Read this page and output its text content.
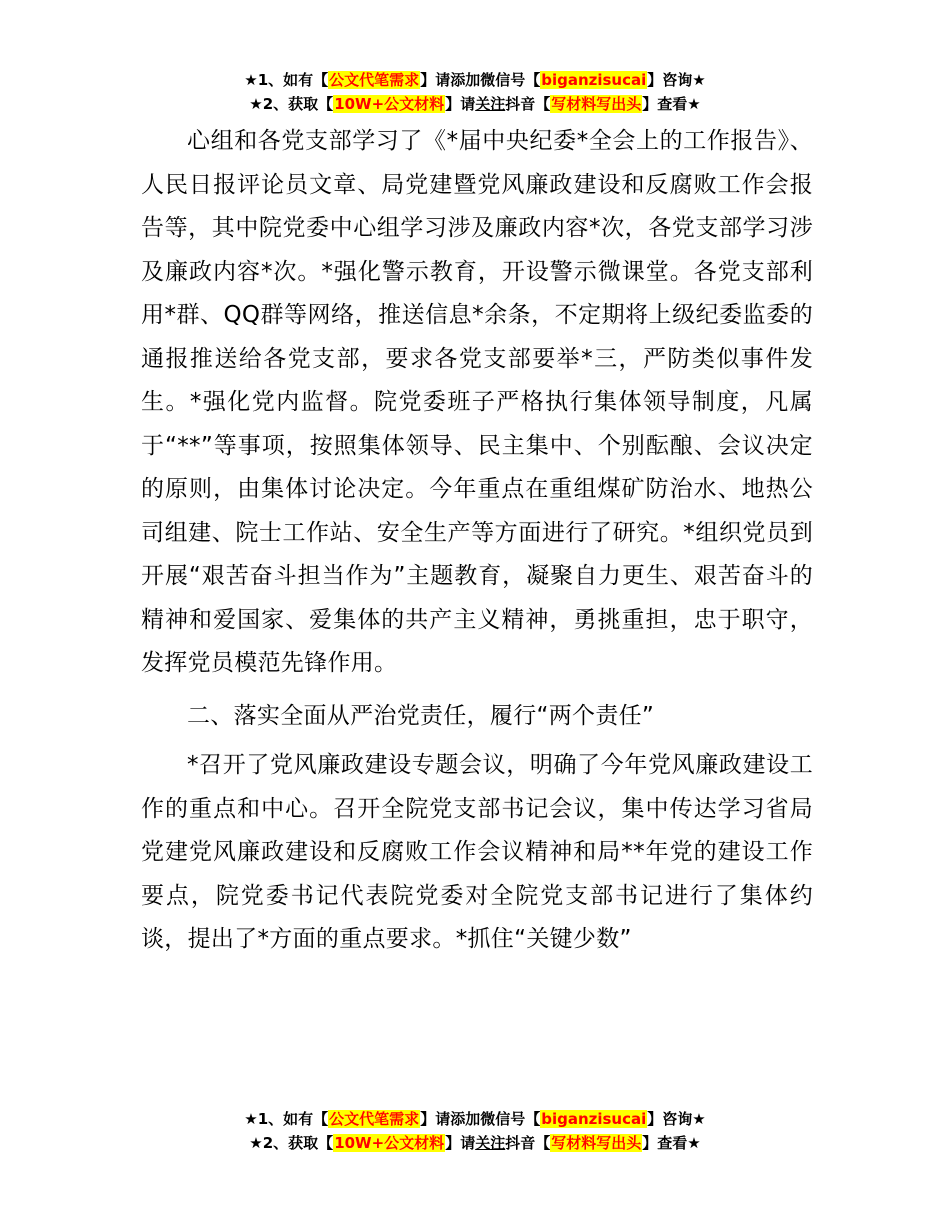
★1、如有【公文代笔需求】请添加微信号【biganzisucai】咨询★
★2、获取【10W+公文材料】请关注抖音【写材料写出头】查看★

心组和各党支部学习了《*届中央纪委*全会上的工作报告》、人民日报评论员文章、局党建暨党风廉政建设和反腐败工作会报告等，其中院党委中心组学习涉及廉政内容*次，各党支部学习涉及廉政内容*次。*强化警示教育，开设警示微课堂。各党支部利用*群、QQ群等网络，推送信息*余条，不定期将上级纪委监委的通报推送给各党支部，要求各党支部要举*三，严防类似事件发生。*强化党内监督。院党委班子严格执行集体领导制度，凡属于“**”等事项，按照集体领导、民主集中、个别酝酿、会议决定的原则，由集体讨论决定。今年重点在重组煤矿防治水、地热公司组建、院士工作站、安全生产等方面进行了研究。*组织党员到开展“艰苦奋斗担当作为”主题教育，凝聚自力更生、艰苦奋斗的精神和爱国家、爱集体的共产主义精神，勇挑重担，忠于职守，发挥党员模范先锋作用。

二、落实全面从严治党责任，履行“两个责任”

*召开了党风廉政建设专题会议，明确了今年党风廉政建设工作的重点和中心。召开全院党支部书记会议，集中传达学习省局党建党风廉政建设和反腐败工作会议精神和局**年党的建设工作要点，院党委书记代表院党委对全院党支部书记进行了集体约谈，提出了*方面的重点要求。*抓住“关键少数”

★1、如有【公文代笔需求】请添加微信号【biganzisucai】咨询★
★2、获取【10W+公文材料】请关注抖音【写材料写出头】查看★
